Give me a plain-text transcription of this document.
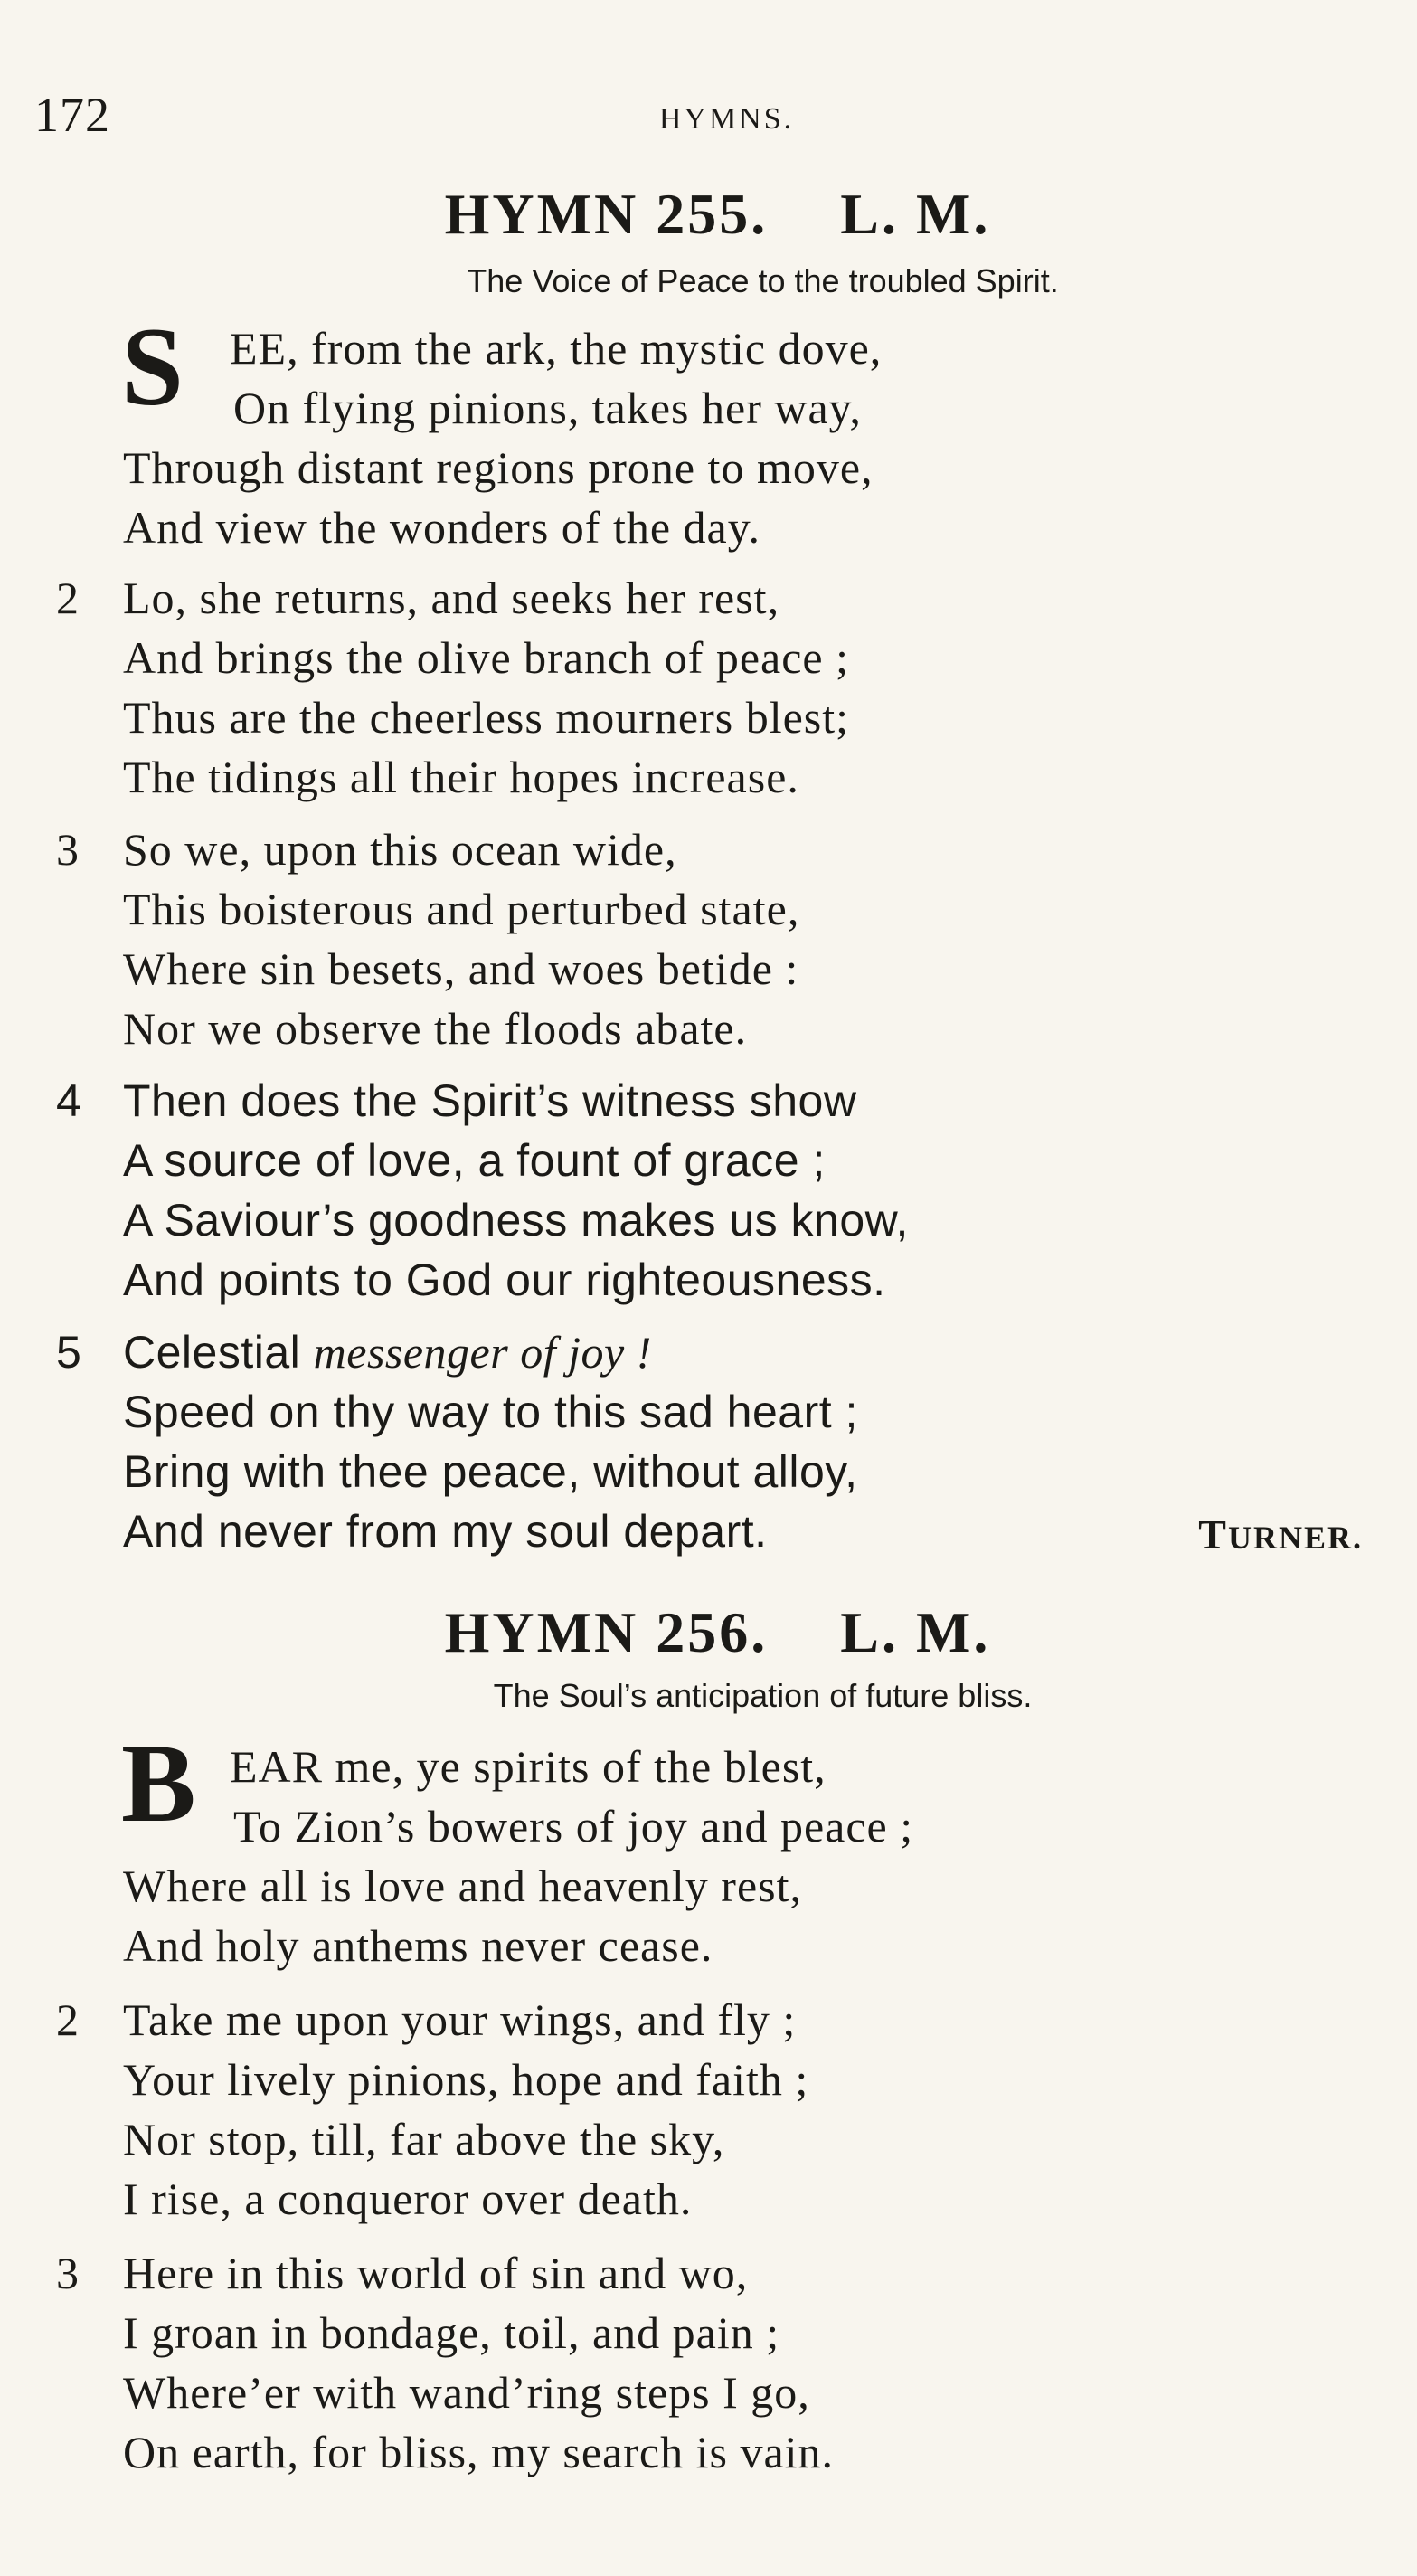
172	HYMNS.
HYMN 255. L. M.
The Voice of Peace to the troubled Spirit.
S EE, from the ark, the mystic dove,
On flying pinions, takes her way,
Through distant regions prone to move,
And view the wonders of the day.
2 Lo, she returns, and seeks her rest,
And brings the olive branch of peace ;
Thus are the cheerless mourners blest;
The tidings all their hopes increase.
3 So we, upon this ocean wide,
This boisterous and perturbed state,
Where sin besets, and woes betide :
Nor we observe the floods abate.
4 Then does the Spirit’s witness show
A source of love, a fount of grace ;
A Saviour’s goodness makes us know,
And points to God our righteousness.
5 Celestial messenger of joy !
Speed on thy way to this sad heart ;
Bring with thee peace, without alloy,
And never from my soul depart.	TURNER.
HYMN 256. L. M.
The Soul’s anticipation of future bliss.
B EAR me, ye spirits of the blest,
To Zion’s bowers of joy and peace ;
Where all is love and heavenly rest,
And holy anthems never cease.
2 Take me upon your wings, and fly ;
Your lively pinions, hope and faith ;
Nor stop, till, far above the sky,
I rise, a conqueror over death.
3 Here in this world of sin and wo,
I groan in bondage, toil, and pain ;
Where’er with wand’ring steps I go,
On earth, for bliss, my search is vain.
